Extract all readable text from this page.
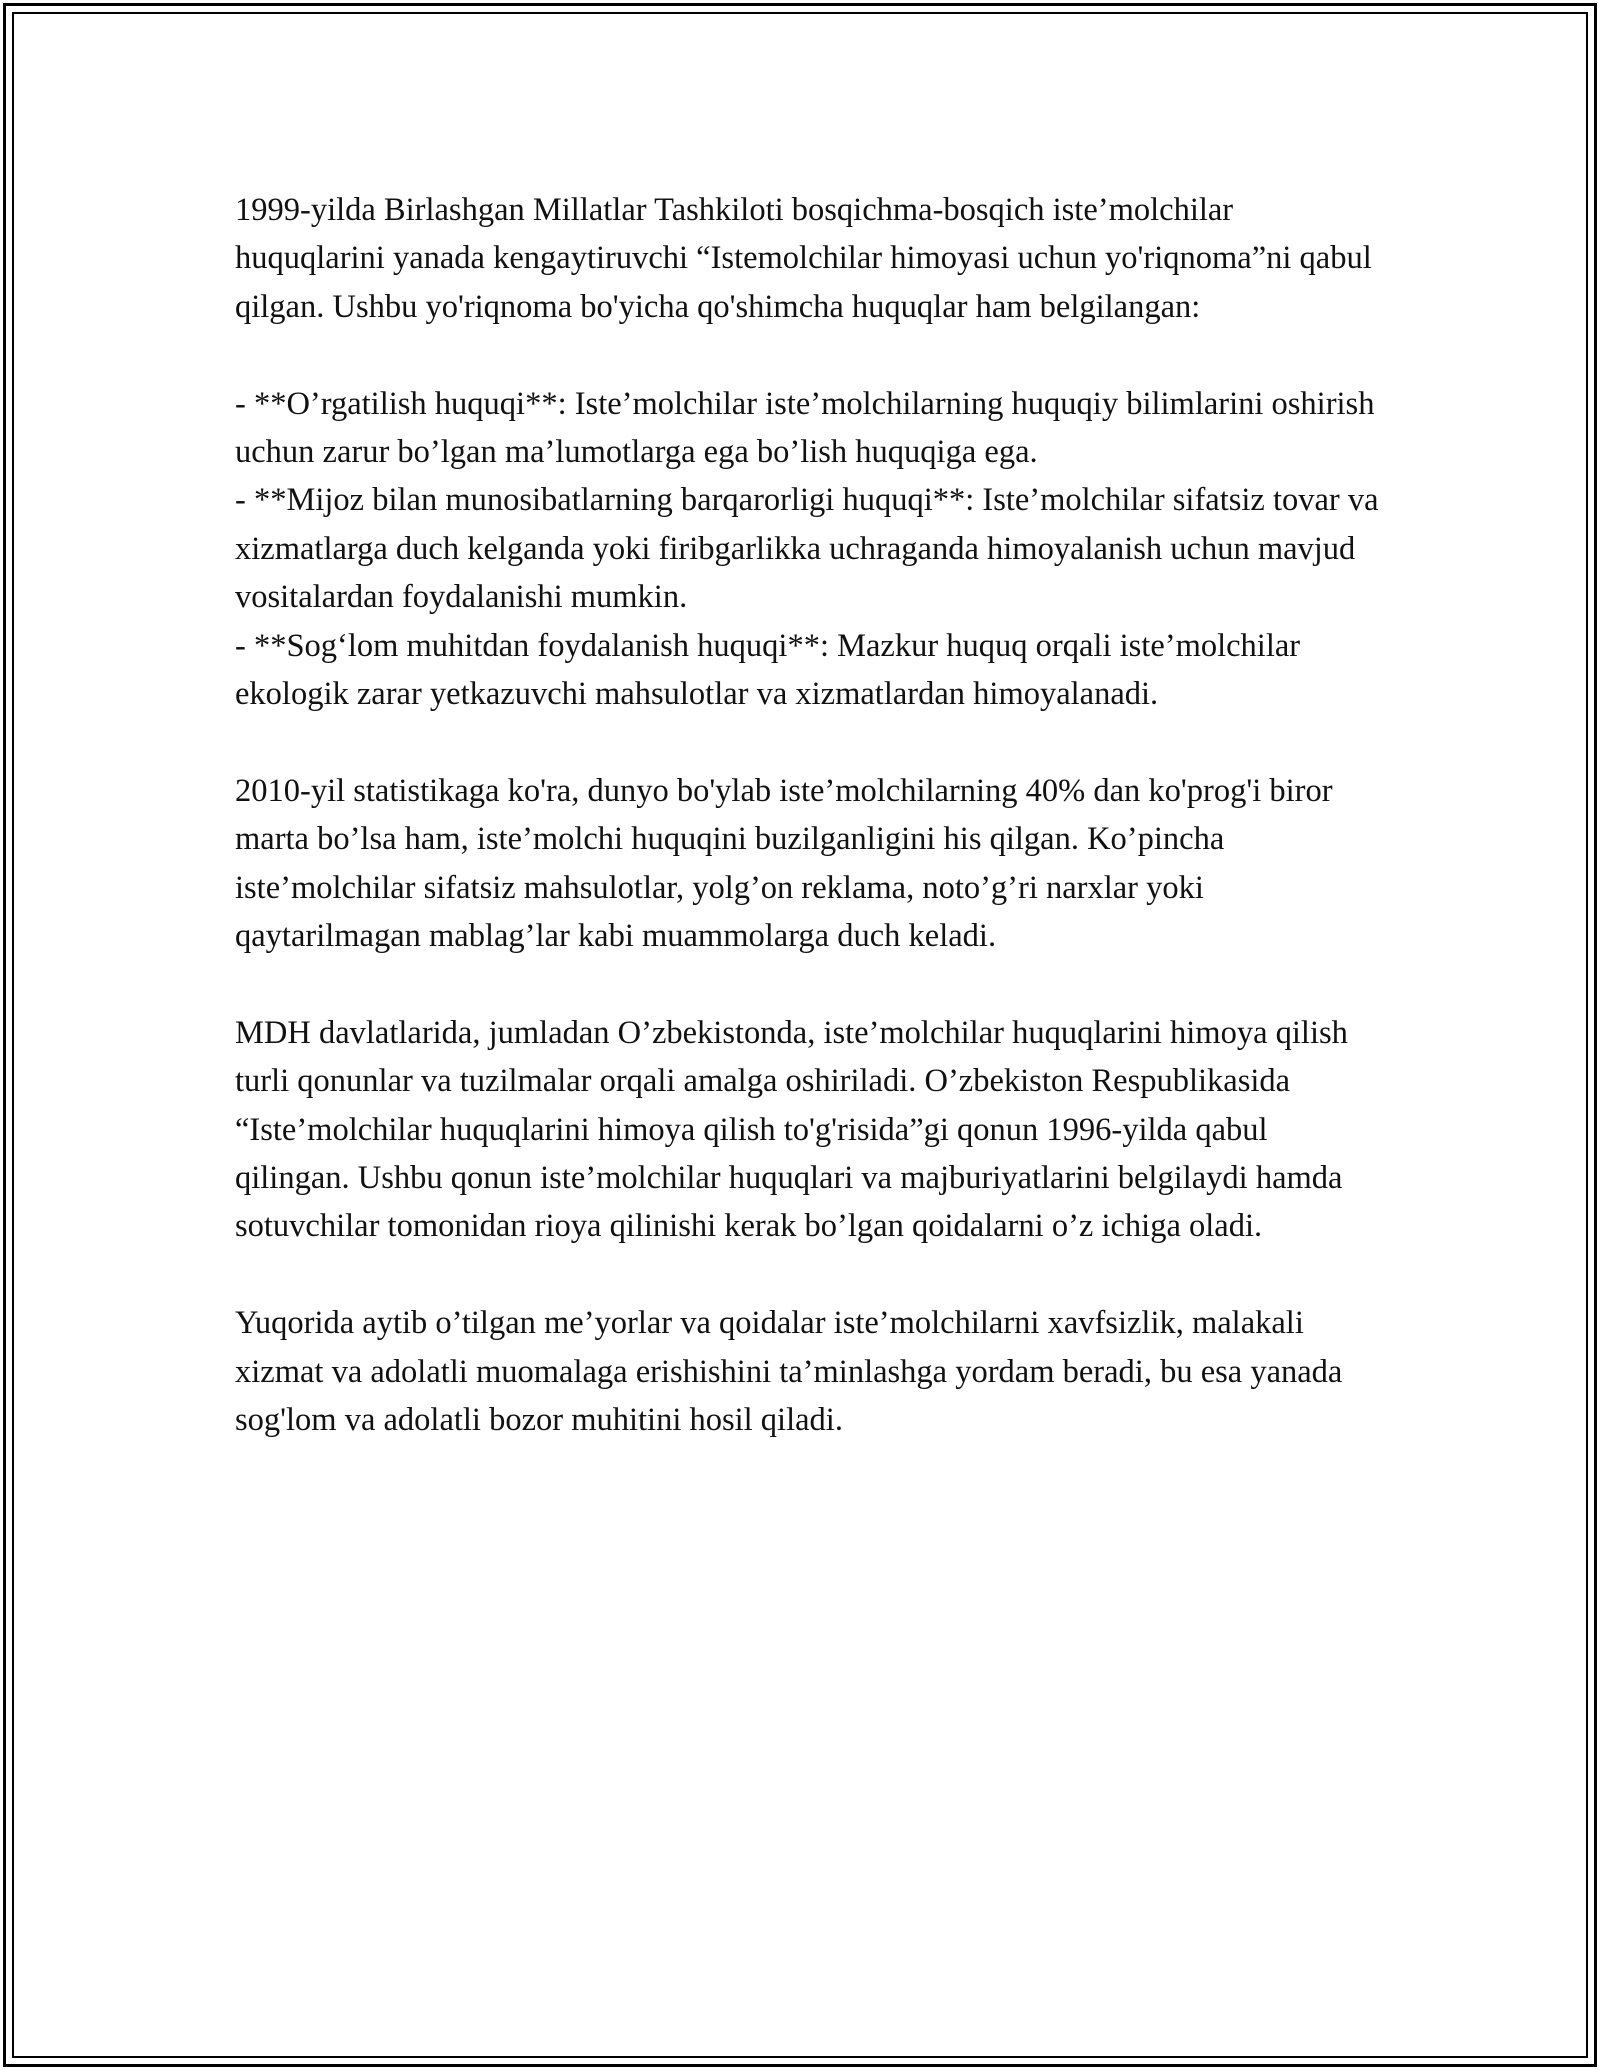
1999-yilda Birlashgan Millatlar Tashkiloti bosqichma-bosqich iste’molchilar huquqlarini yanada kengaytiruvchi “Istemolchilar himoyasi uchun yo'riqnoma”ni qabul qilgan. Ushbu yo'riqnoma bo'yicha qo'shimcha huquqlar ham belgilangan:

- **O’rgatilish huquqi**: Iste’molchilar iste’molchilarning huquqiy bilimlarini oshirish uchun zarur bo’lgan ma’lumotlarga ega bo’lish huquqiga ega.

- **Mijoz bilan munosibatlarning barqarorligi huquqi**: Iste’molchilar sifatsiz tovar va xizmatlarga duch kelganda yoki firibgarlikka uchraganda himoyalanish uchun mavjud vositalardan foydalanishi mumkin.

- **Sog‘lom muhitdan foydalanish huquqi**: Mazkur huquq orqali iste’molchilar ekologik zarar yetkazuvchi mahsulotlar va xizmatlardan himoyalanadi.

2010-yil statistikaga ko'ra, dunyo bo'ylab iste’molchilarning 40% dan ko'prog'i biror marta bo’lsa ham, iste’molchi huquqini buzilganligini his qilgan. Ko’pincha iste’molchilar sifatsiz mahsulotlar, yolg’on reklama, noto’g’ri narxlar yoki qaytarilmagan mablag’lar kabi muammolarga duch keladi.

MDH davlatlarida, jumladan O’zbekistonda, iste’molchilar huquqlarini himoya qilish turli qonunlar va tuzilmalar orqali amalga oshiriladi. O’zbekiston Respublikasida “Iste’molchilar huquqlarini himoya qilish to'g'risida”gi qonun 1996-yilda qabul qilingan. Ushbu qonun iste’molchilar huquqlari va majburiyatlarini belgilaydi hamda sotuvchilar tomonidan rioya qilinishi kerak bo’lgan qoidalarni o’z ichiga oladi.

Yuqorida aytib o’tilgan me’yorlar va qoidalar iste’molchilarni xavfsizlik, malakali xizmat va adolatli muomalaga erishishini ta’minlashga yordam beradi, bu esa yanada sog'lom va adolatli bozor muhitini hosil qiladi.
